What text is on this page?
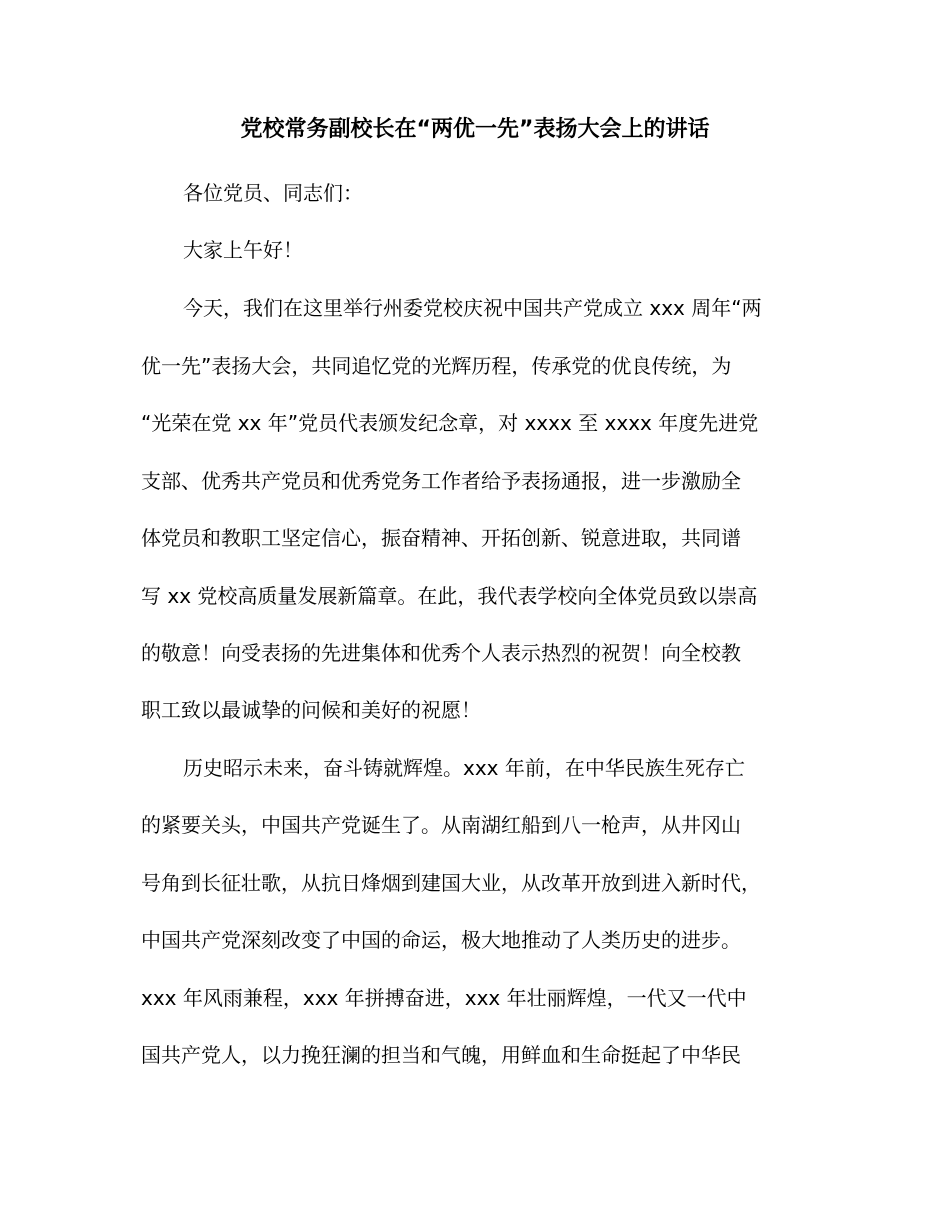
党校常务副校长在“两优一先”表扬大会上的讲话

各位党员、同志们：

大家上午好！

今天，我们在这里举行州委党校庆祝中国共产党成立 xxx 周年“两

优一先”表扬大会，共同追忆党的光辉历程，传承党的优良传统，为

“光荣在党 xx 年”党员代表颁发纪念章，对 xxxx 至 xxxx 年度先进党

支部、优秀共产党员和优秀党务工作者给予表扬通报，进一步激励全

体党员和教职工坚定信心，振奋精神、开拓创新、锐意进取，共同谱

写 xx 党校高质量发展新篇章。在此，我代表学校向全体党员致以崇高

的敬意！向受表扬的先进集体和优秀个人表示热烈的祝贺！向全校教

职工致以最诚挚的问候和美好的祝愿！

历史昭示未来，奋斗铸就辉煌。xxx 年前，在中华民族生死存亡

的紧要关头，中国共产党诞生了。从南湖红船到八一枪声，从井冈山

号角到长征壮歌，从抗日烽烟到建国大业，从改革开放到进入新时代，

中国共产党深刻改变了中国的命运，极大地推动了人类历史的进步。

xxx 年风雨兼程，xxx 年拼搏奋进，xxx 年壮丽辉煌，一代又一代中

国共产党人，以力挽狂澜的担当和气魄，用鲜血和生命挺起了中华民
